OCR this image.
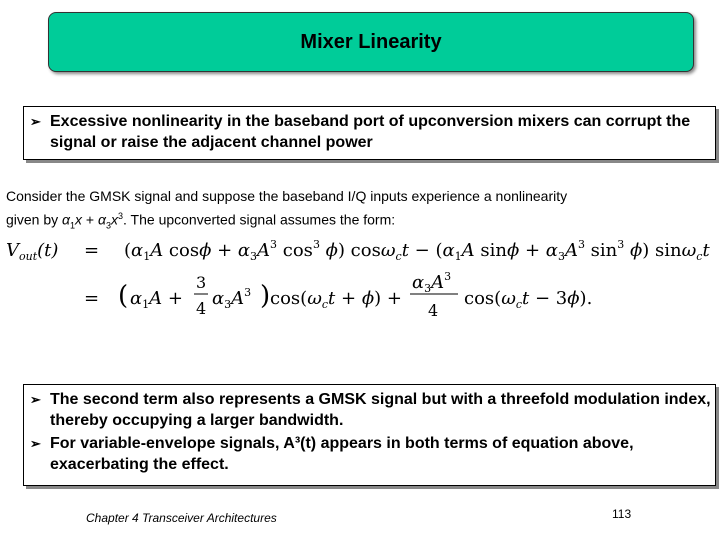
Mixer Linearity
➢ Excessive nonlinearity in the baseband port of upconversion mixers can corrupt the signal or raise the adjacent channel power
Consider the GMSK signal and suppose the baseband I/Q inputs experience a nonlinearity
given by $\alpha_1x + \alpha_3x^3$. The upconverted signal assumes the form:
$V_{out}(t) = (\alpha_1A$ $\cos\phi + \alpha_3A^3$ $\cos^3 \phi$) $\cos\omega_ct - (\alpha_1A$ $\sin\phi + \alpha_3A^3$ $\sin^3 \phi$) sinω$_c$t
= ( $\alpha_1A$ +
3
4 $\alpha_3A^3$ ) $\cos(\omega_ct + \phi)$ +
$\alpha_3A^3$
4
$\cos(\omega_ct - 3\phi)$.
➢ The second term also represents a GMSK signal but with a threefold modulation index, thereby occupying a larger bandwidth.
➢ For variable-envelope signals, A³(t) appears in both terms of equation above, exacerbating the effect.
Chapter 4 Transceiver Architectures	113
